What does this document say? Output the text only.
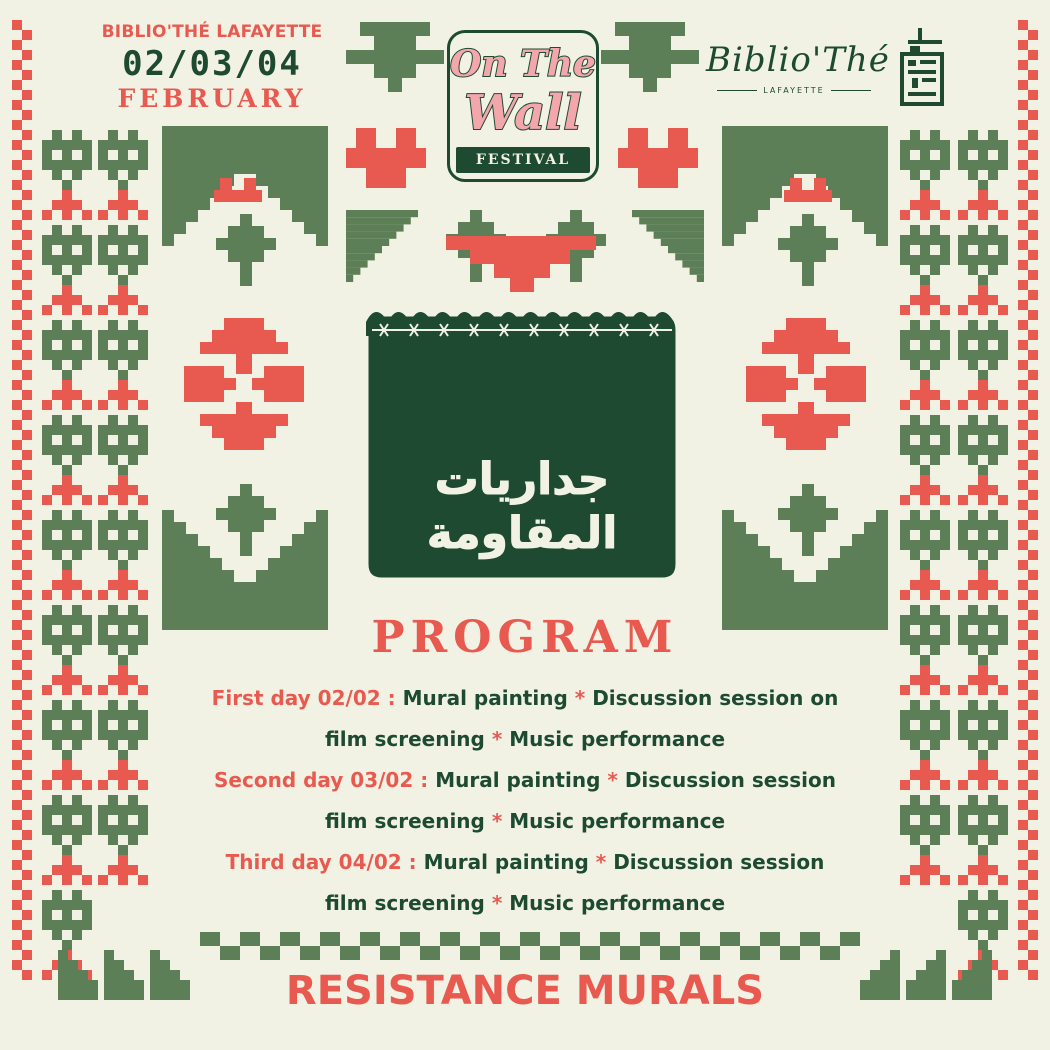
BIBLIO'THÉ LAFAYETTE
02/03/04
FEBRUARY
On The
Wall
FESTIVAL
Biblio'Thé
LAFAYETTE
جداريات
المقاومة
PROGRAM
First day 02/02 : Mural painting * Discussion session on
film screening * Music performance
Second day 03/02 : Mural painting * Discussion session
film screening * Music performance
Third day 04/02 : Mural painting * Discussion session
film screening * Music performance
RESISTANCE MURALS
